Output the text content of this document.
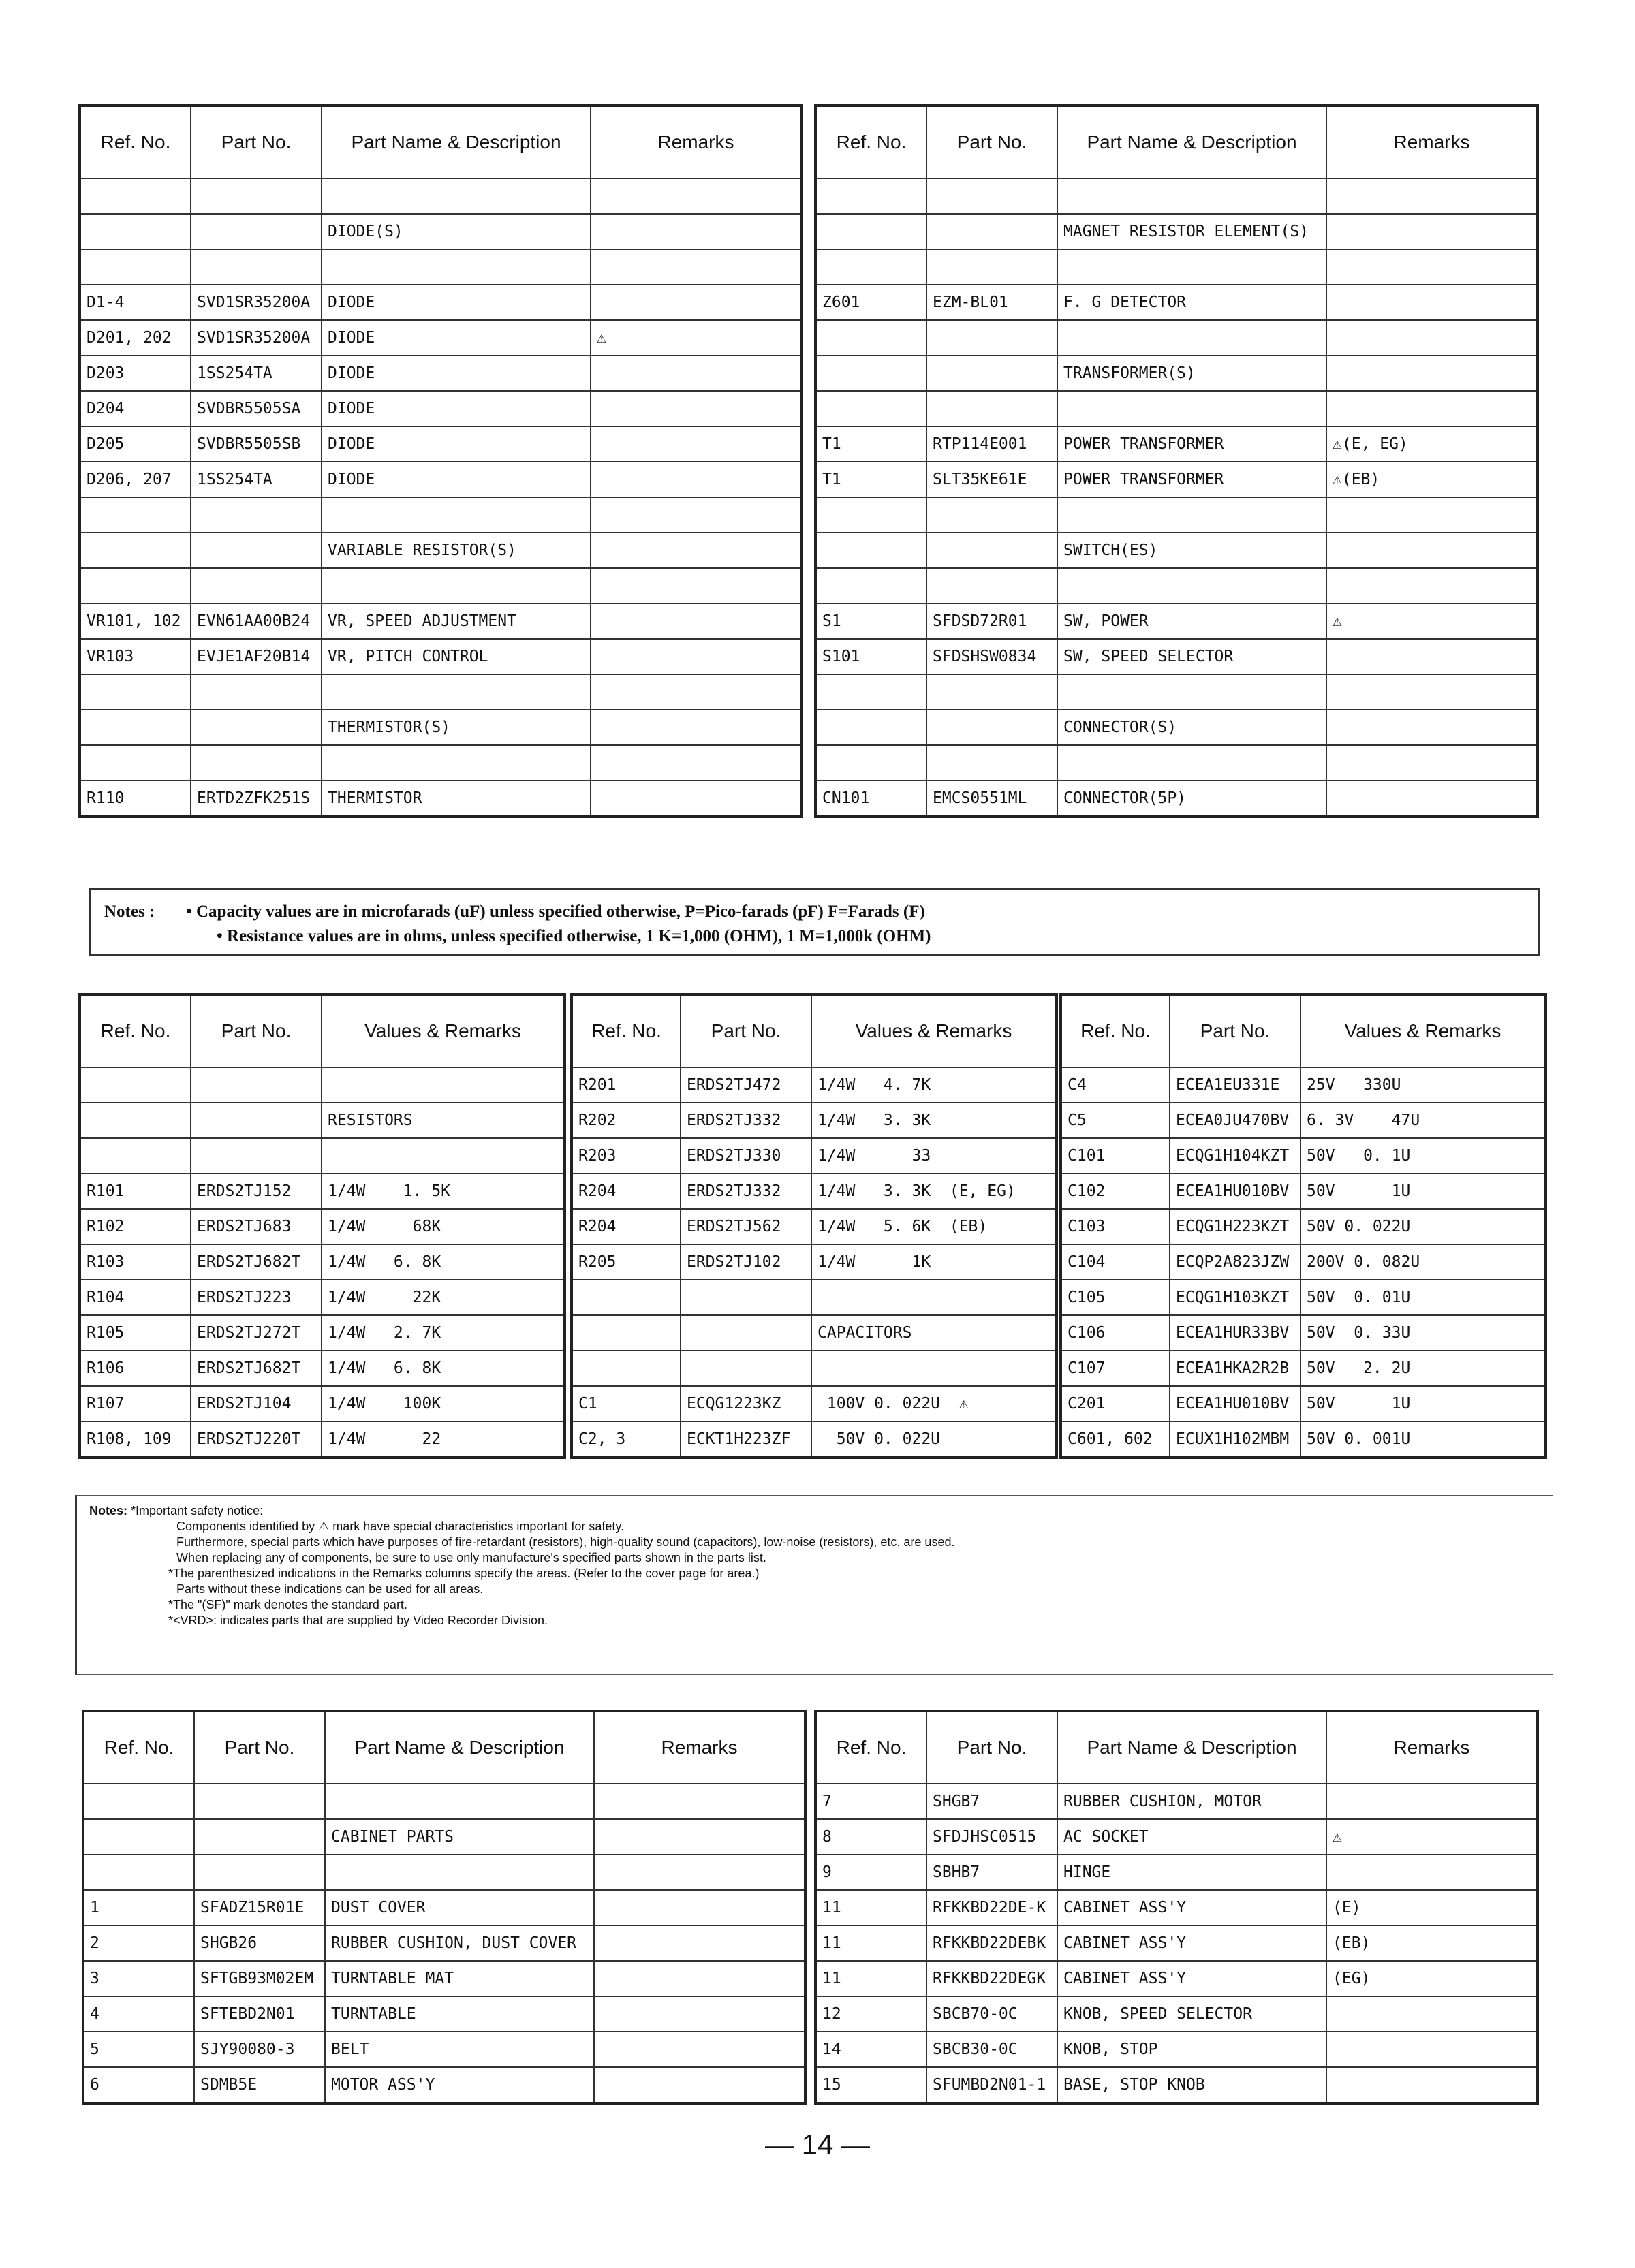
Ref. No.	Part No.	Part Name & Description	Remarks

		DIODE(S)	

D1-4	SVD1SR35200A	DIODE	
D201, 202	SVD1SR35200A	DIODE	⚠
D203	1SS254TA	DIODE	
D204	SVDBR5505SA	DIODE	
D205	SVDBR5505SB	DIODE	
D206, 207	1SS254TA	DIODE	

		VARIABLE RESISTOR(S)	

VR101, 102	EVN61AA00B24	VR, SPEED ADJUSTMENT	
VR103	EVJE1AF20B14	VR, PITCH CONTROL	

		THERMISTOR(S)	

R110	ERTD2ZFK251S	THERMISTOR	
Ref. No.	Part No.	Part Name & Description	Remarks

		MAGNET RESISTOR ELEMENT(S)	

Z601	EZM-BL01	F. G DETECTOR	

		TRANSFORMER(S)	

T1	RTP114E001	POWER TRANSFORMER	⚠(E, EG)
T1	SLT35KE61E	POWER TRANSFORMER	⚠(EB)

		SWITCH(ES)	

S1	SFDSD72R01	SW, POWER	⚠
S101	SFDSHSW0834	SW, SPEED SELECTOR	

		CONNECTOR(S)	

CN101	EMCS0551ML	CONNECTOR(5P)	
Notes : • Capacity values are in microfarads (uF) unless specified otherwise, P=Pico-farads (pF) F=Farads (F)
• Resistance values are in ohms, unless specified otherwise, 1 K=1,000 (OHM), 1 M=1,000k (OHM)
Ref. No.	Part No.	Values & Remarks

		RESISTORS

R101	ERDS2TJ152	1/4W    1. 5K
R102	ERDS2TJ683	1/4W     68K
R103	ERDS2TJ682T	1/4W   6. 8K
R104	ERDS2TJ223	1/4W     22K
R105	ERDS2TJ272T	1/4W   2. 7K
R106	ERDS2TJ682T	1/4W   6. 8K
R107	ERDS2TJ104	1/4W    100K
R108, 109	ERDS2TJ220T	1/4W      22
Ref. No.	Part No.	Values & Remarks
R201	ERDS2TJ472	1/4W   4. 7K
R202	ERDS2TJ332	1/4W   3. 3K
R203	ERDS2TJ330	1/4W      33
R204	ERDS2TJ332	1/4W   3. 3K  (E, EG)
R204	ERDS2TJ562	1/4W   5. 6K  (EB)
R205	ERDS2TJ102	1/4W      1K

		CAPACITORS

C1	ECQG1223KZ	100V 0. 022U  ⚠
C2, 3	ECKT1H223ZF	50V 0. 022U
Ref. No.	Part No.	Values & Remarks
C4	ECEA1EU331E	25V   330U
C5	ECEA0JU470BV	6. 3V    47U
C101	ECQG1H104KZT	50V   0. 1U
C102	ECEA1HU010BV	50V      1U
C103	ECQG1H223KZT	50V 0. 022U
C104	ECQP2A823JZW	200V 0. 082U
C105	ECQG1H103KZT	50V  0. 01U
C106	ECEA1HUR33BV	50V  0. 33U
C107	ECEA1HKA2R2B	50V   2. 2U
C201	ECEA1HU010BV	50V      1U
C601, 602	ECUX1H102MBM	50V 0. 001U
Notes: *Important safety notice:
Components identified by ⚠ mark have special characteristics important for safety.
Furthermore, special parts which have purposes of fire-retardant (resistors), high-quality sound (capacitors), low-noise (resistors), etc. are used.
When replacing any of components, be sure to use only manufacture's specified parts shown in the parts list.
*The parenthesized indications in the Remarks columns specify the areas. (Refer to the cover page for area.)
Parts without these indications can be used for all areas.
*The "(SF)" mark denotes the standard part.
*<VRD>: indicates parts that are supplied by Video Recorder Division.
Ref. No.	Part No.	Part Name & Description	Remarks

		CABINET PARTS	

1	SFADZ15R01E	DUST COVER	
2	SHGB26	RUBBER CUSHION, DUST COVER	
3	SFTGB93M02EM	TURNTABLE MAT	
4	SFTEBD2N01	TURNTABLE	
5	SJY90080-3	BELT	
6	SDMB5E	MOTOR ASS'Y	
Ref. No.	Part No.	Part Name & Description	Remarks
7	SHGB7	RUBBER CUSHION, MOTOR	
8	SFDJHSC0515	AC SOCKET	⚠
9	SBHB7	HINGE	
11	RFKKBD22DE-K	CABINET ASS'Y	(E)
11	RFKKBD22DEBK	CABINET ASS'Y	(EB)
11	RFKKBD22DEGK	CABINET ASS'Y	(EG)
12	SBCB70-0C	KNOB, SPEED SELECTOR	
14	SBCB30-0C	KNOB, STOP	
15	SFUMBD2N01-1	BASE, STOP KNOB	
— 14 —
